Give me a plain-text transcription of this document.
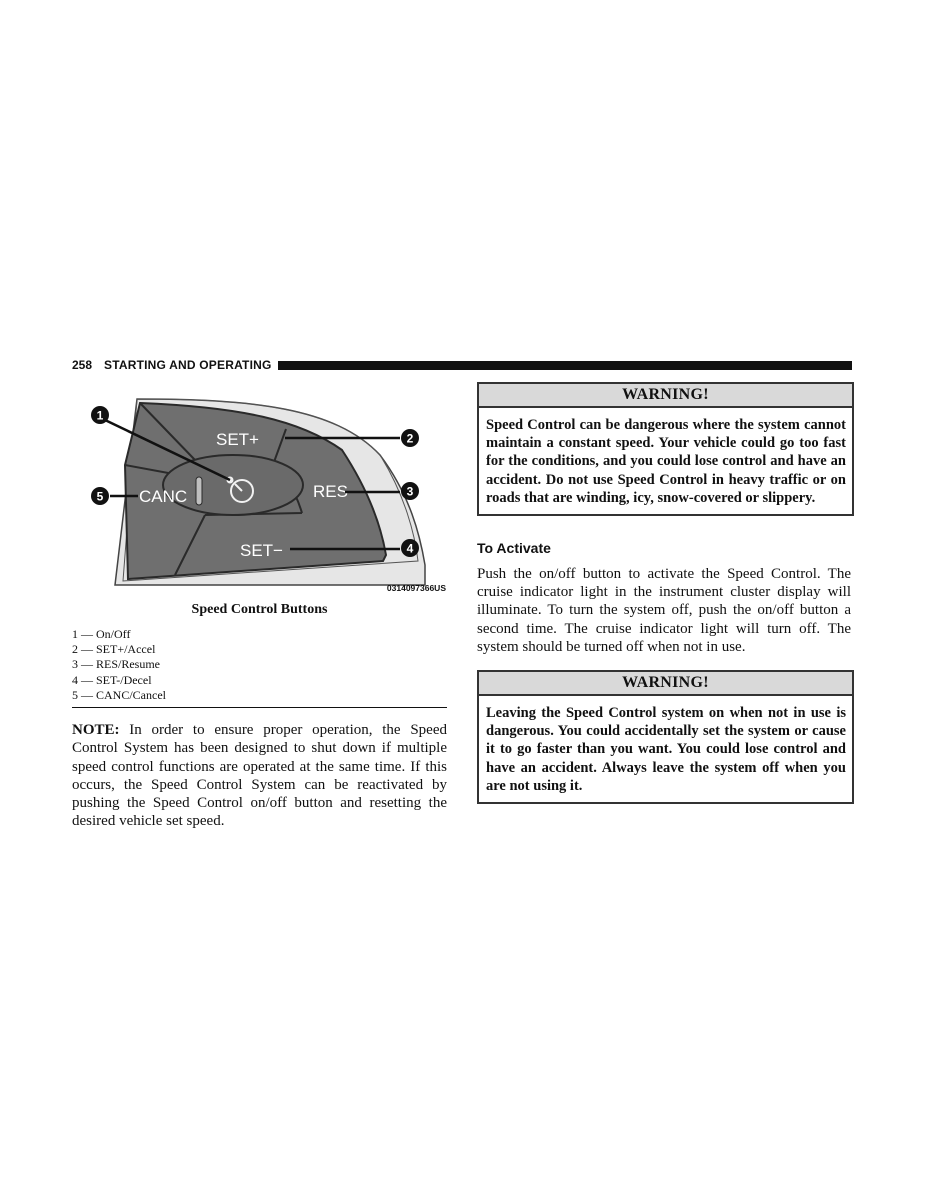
258 STARTING AND OPERATING
SET+
RES
CANC
SET−
1
2
3
4
5
0314097366US
Speed Control Buttons
1 — On/Off
2 — SET+/Accel
3 — RES/Resume
4 — SET-/Decel
5 — CANC/Cancel
NOTE: In order to ensure proper operation, the Speed Control System has been designed to shut down if multiple speed control functions are operated at the same time. If this occurs, the Speed Control System can be reactivated by pushing the Speed Control on/off button and resetting the desired vehicle set speed.
WARNING!
Speed Control can be dangerous where the system cannot maintain a constant speed. Your vehicle could go too fast for the conditions, and you could lose control and have an accident. Do not use Speed Control in heavy traffic or on roads that are winding, icy, snow-covered or slippery.
To Activate
Push the on/off button to activate the Speed Control. The cruise indicator light in the instrument cluster display will illuminate. To turn the system off, push the on/off button a second time. The cruise indicator light will turn off. The system should be turned off when not in use.
WARNING!
Leaving the Speed Control system on when not in use is dangerous. You could accidentally set the system or cause it to go faster than you want. You could lose control and have an accident. Always leave the system off when you are not using it.
